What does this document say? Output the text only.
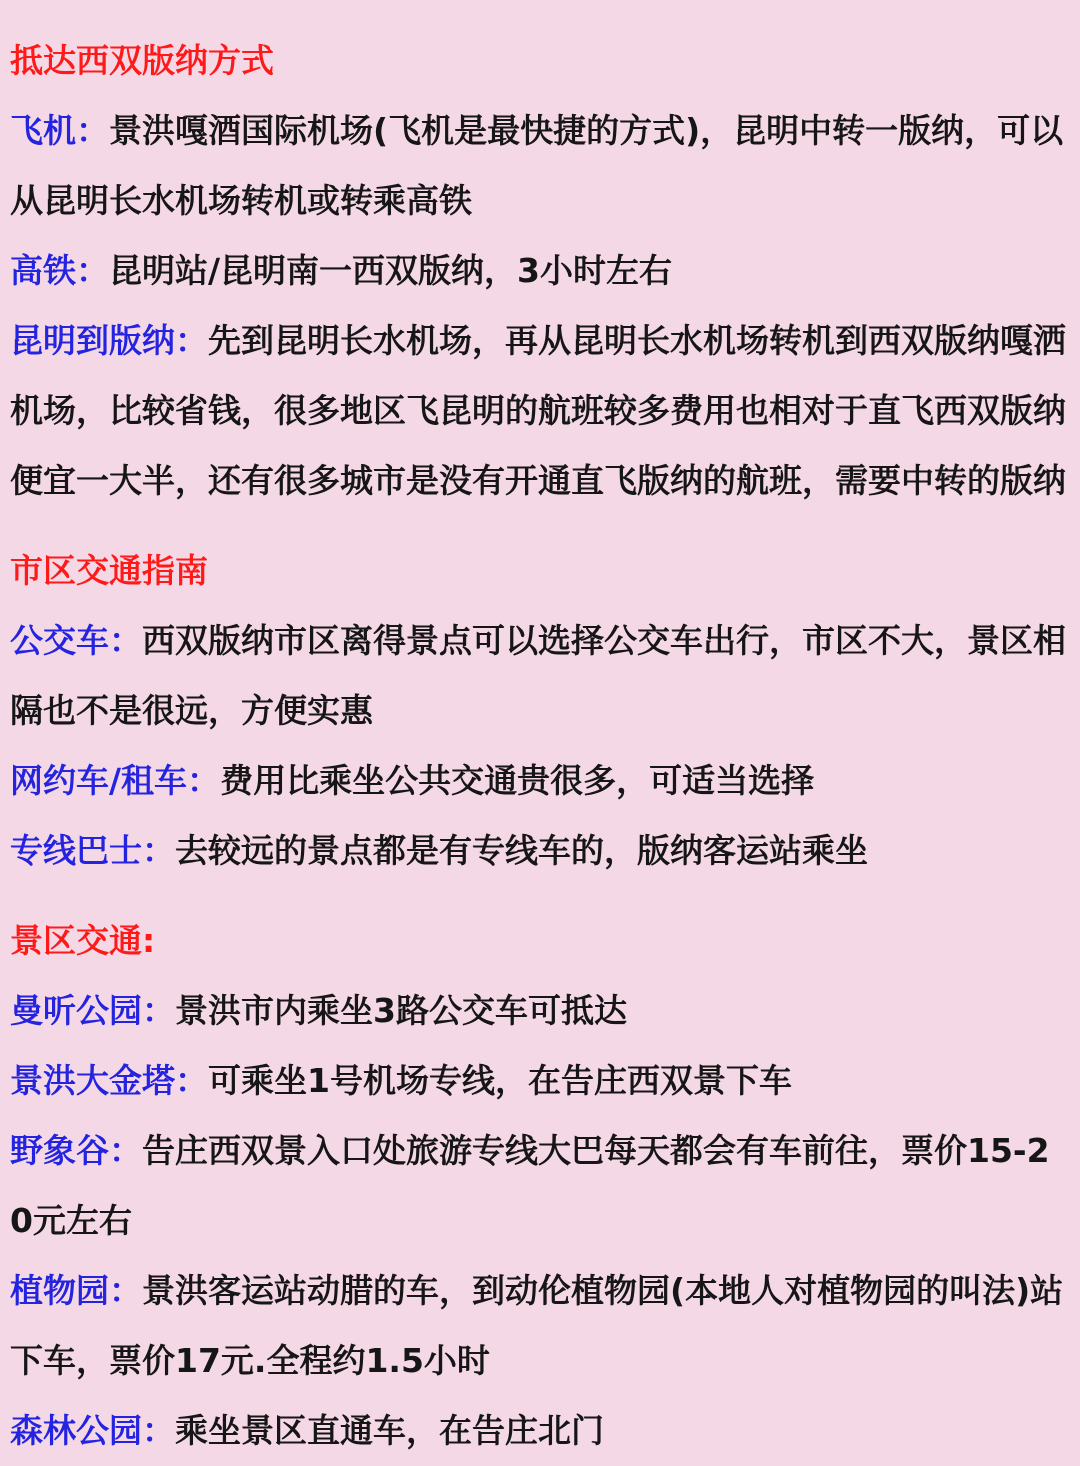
抵达西双版纳方式

飞机：景洪嘎酒国际机场(飞机是最快捷的方式)，昆明中转一版纳，可以从昆明长水机场转机或转乘高铁

高铁：昆明站/昆明南一西双版纳，3小时左右

昆明到版纳：先到昆明长水机场，再从昆明长水机场转机到西双版纳嘎洒机场，比较省钱，很多地区飞昆明的航班较多费用也相对于直飞西双版纳便宜一大半，还有很多城市是没有开通直飞版纳的航班，需要中转的版纳

市区交通指南

公交车：西双版纳市区离得景点可以选择公交车出行，市区不大，景区相隔也不是很远，方便实惠

网约车/租车：费用比乘坐公共交通贵很多，可适当选择

专线巴士：去较远的景点都是有专线车的，版纳客运站乘坐

景区交通:

曼听公园：景洪市内乘坐3路公交车可抵达

景洪大金塔：可乘坐1号机场专线，在告庄西双景下车

野象谷：告庄西双景入口处旅游专线大巴每天都会有车前往，票价15-20元左右

植物园：景洪客运站动腊的车，到动伦植物园(本地人对植物园的叫法)站下车，票价17元.全程约1.5小时

森林公园：乘坐景区直通车，在告庄北门
